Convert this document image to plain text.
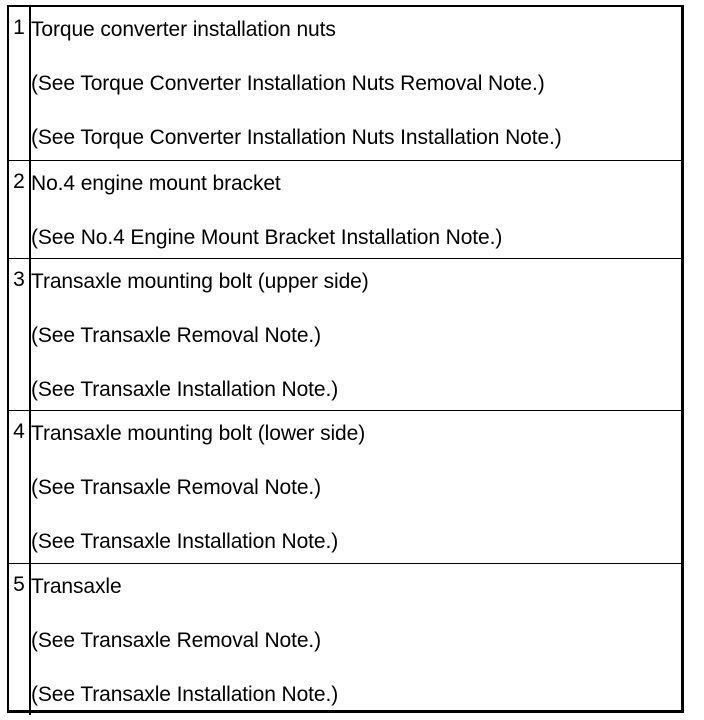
1	Torque converter installation nuts
(See Torque Converter Installation Nuts Removal Note.)
(See Torque Converter Installation Nuts Installation Note.)

2	No.4 engine mount bracket
(See No.4 Engine Mount Bracket Installation Note.)

3	Transaxle mounting bolt (upper side)
(See Transaxle Removal Note.)
(See Transaxle Installation Note.)

4	Transaxle mounting bolt (lower side)
(See Transaxle Removal Note.)
(See Transaxle Installation Note.)

5	Transaxle
(See Transaxle Removal Note.)
(See Transaxle Installation Note.)
